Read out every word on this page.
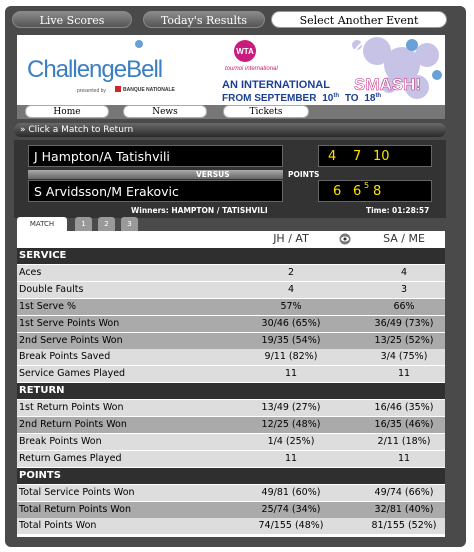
Live Scores	Today's Results	Select Another Event
ChallengeBell
presented by	BANQUE NATIONALE
WTA
tournoi international
AN INTERNATIONAL SMASH!
FROM SEPTEMBER 10th TO 18th
Home	News	Tickets
» Click a Match to Return
J Hampton/A Tatishvili	4 7 10
VERSUS	POINTS
S Arvidsson/M Erakovic	6 6 5 8
Winners: HAMPTON / TATISHVILI	Time: 01:28:57
MATCH	1	2	3
JH / AT	SA / ME
SERVICE
Aces	2	4
Double Faults	4	3
1st Serve %	57%	66%
1st Serve Points Won	30/46 (65%)	36/49 (73%)
2nd Serve Points Won	19/35 (54%)	13/25 (52%)
Break Points Saved	9/11 (82%)	3/4 (75%)
Service Games Played	11	11
RETURN
1st Return Points Won	13/49 (27%)	16/46 (35%)
2nd Return Points Won	12/25 (48%)	16/35 (46%)
Break Points Won	1/4 (25%)	2/11 (18%)
Return Games Played	11	11
POINTS
Total Service Points Won	49/81 (60%)	49/74 (66%)
Total Return Points Won	25/74 (34%)	32/81 (40%)
Total Points Won	74/155 (48%)	81/155 (52%)
